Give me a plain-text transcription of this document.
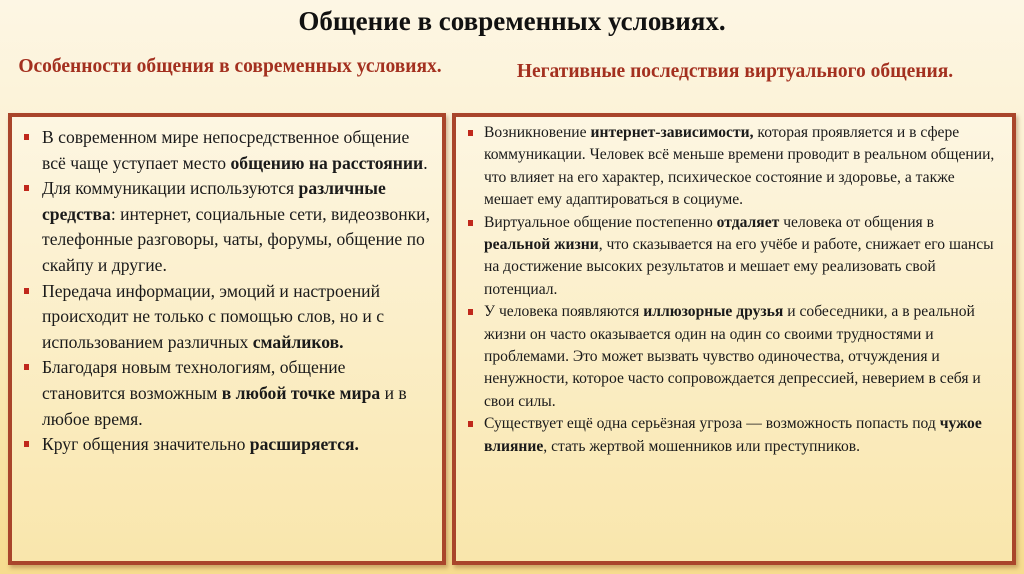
Общение в современных условиях.
Особенности общения в современных условиях.	Негативные последствия виртуального общения.
В современном мире непосредственное общение всё чаще уступает место общению на расстоянии.
Для коммуникации используются различные средства: интернет, социальные сети, видеозвонки, телефонные разговоры, чаты, форумы, общение по скайпу и другие.
Передача информации, эмоций и настроений происходит не только с помощью слов, но и с использованием различных смайликов.
Благодаря новым технологиям, общение становится возможным в любой точке мира и в любое время.
Круг общения значительно расширяется.
Возникновение интернет-зависимости, которая проявляется и в сфере коммуникации. Человек всё меньше времени проводит в реальном общении, что влияет на его характер, психическое состояние и здоровье, а также мешает ему адаптироваться в социуме.
Виртуальное общение постепенно отдаляет человека от общения в реальной жизни, что сказывается на его учёбе и работе, снижает его шансы на достижение высоких результатов и мешает ему реализовать свой потенциал.
У человека появляются иллюзорные друзья и собеседники, а в реальной жизни он часто оказывается один на один со своими трудностями и проблемами. Это может вызвать чувство одиночества, отчуждения и ненужности, которое часто сопровождается депрессией, неверием в себя и свои силы.
Существует ещё одна серьёзная угроза — возможность попасть под чужое влияние, стать жертвой мошенников или преступников.
